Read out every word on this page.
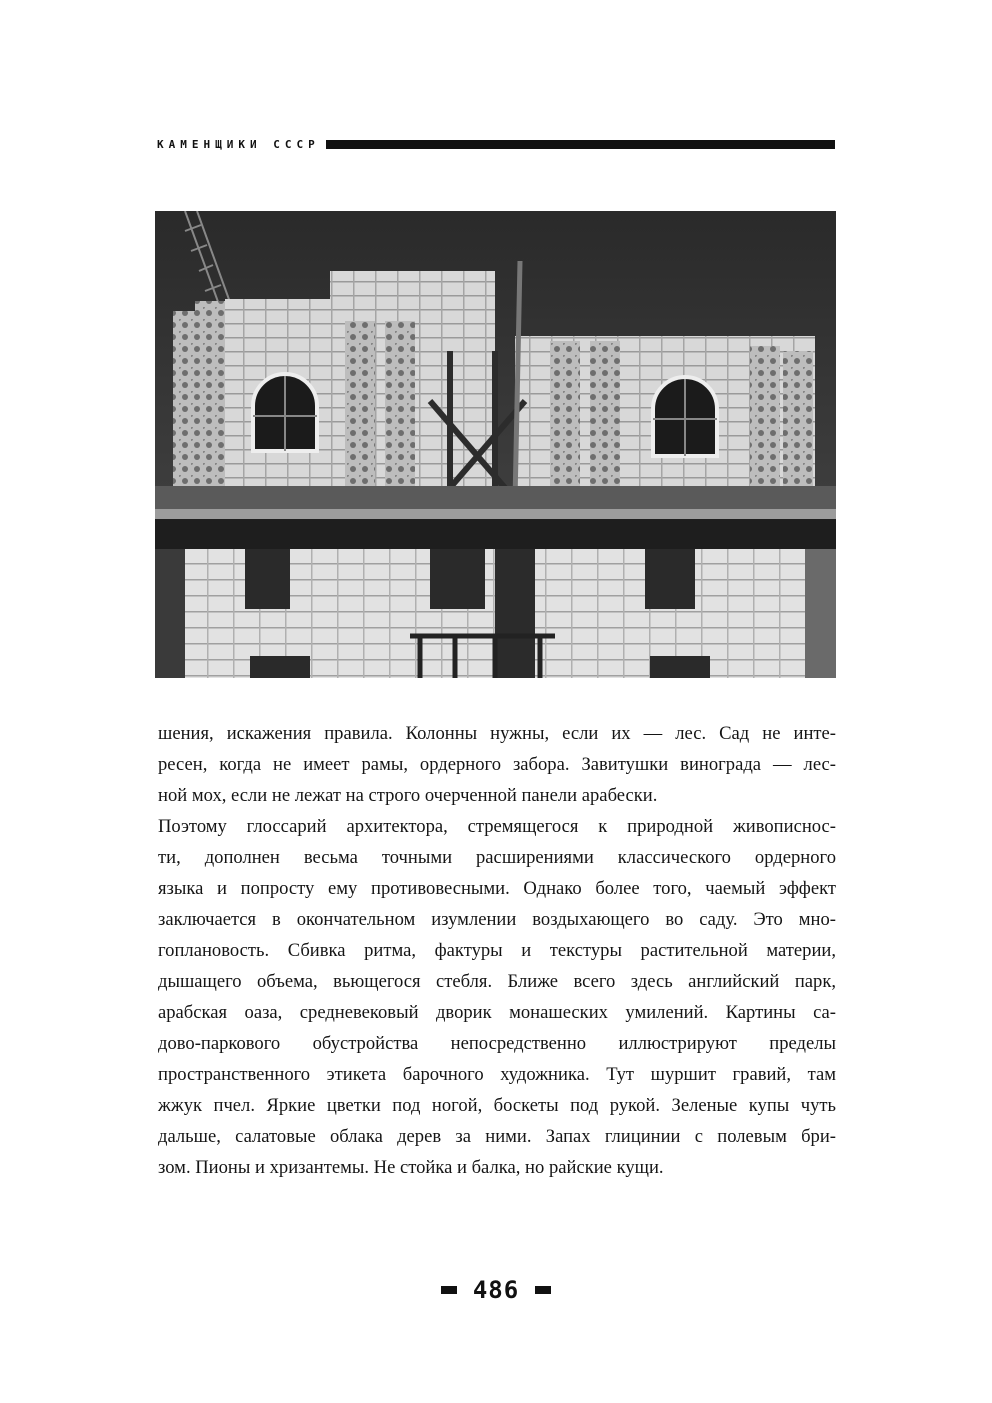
КАМЕНЩИКИ СССР
шения, искажения правила. Колонны нужны, если их — лес. Сад не инте-
ресен, когда не имеет рамы, ордерного забора. Завитушки винограда — лес-
ной мох, если не лежат на строго очерченной панели арабески.
Поэтому глоссарий архитектора, стремящегося к природной живописнос-
ти, дополнен весьма точными расширениями классического ордерного
языка и попросту ему противовесными. Однако более того, чаемый эффект
заключается в окончательном изумлении воздыхающего во саду. Это мно-
гоплановость. Сбивка ритма, фактуры и текстуры растительной материи,
дышащего объема, вьющегося стебля. Ближе всего здесь английский парк,
арабская оаза, средневековый дворик монашеских умилений. Картины са-
дово-паркового обустройства непосредственно иллюстрируют пределы
пространственного этикета барочного художника. Тут шуршит гравий, там
жжук пчел. Яркие цветки под ногой, боскеты под рукой. Зеленые купы чуть
дальше, салатовые облака дерев за ними. Запах глицинии с полевым бри-
зом. Пионы и хризантемы. Не стойка и балка, но райские кущи.
486
